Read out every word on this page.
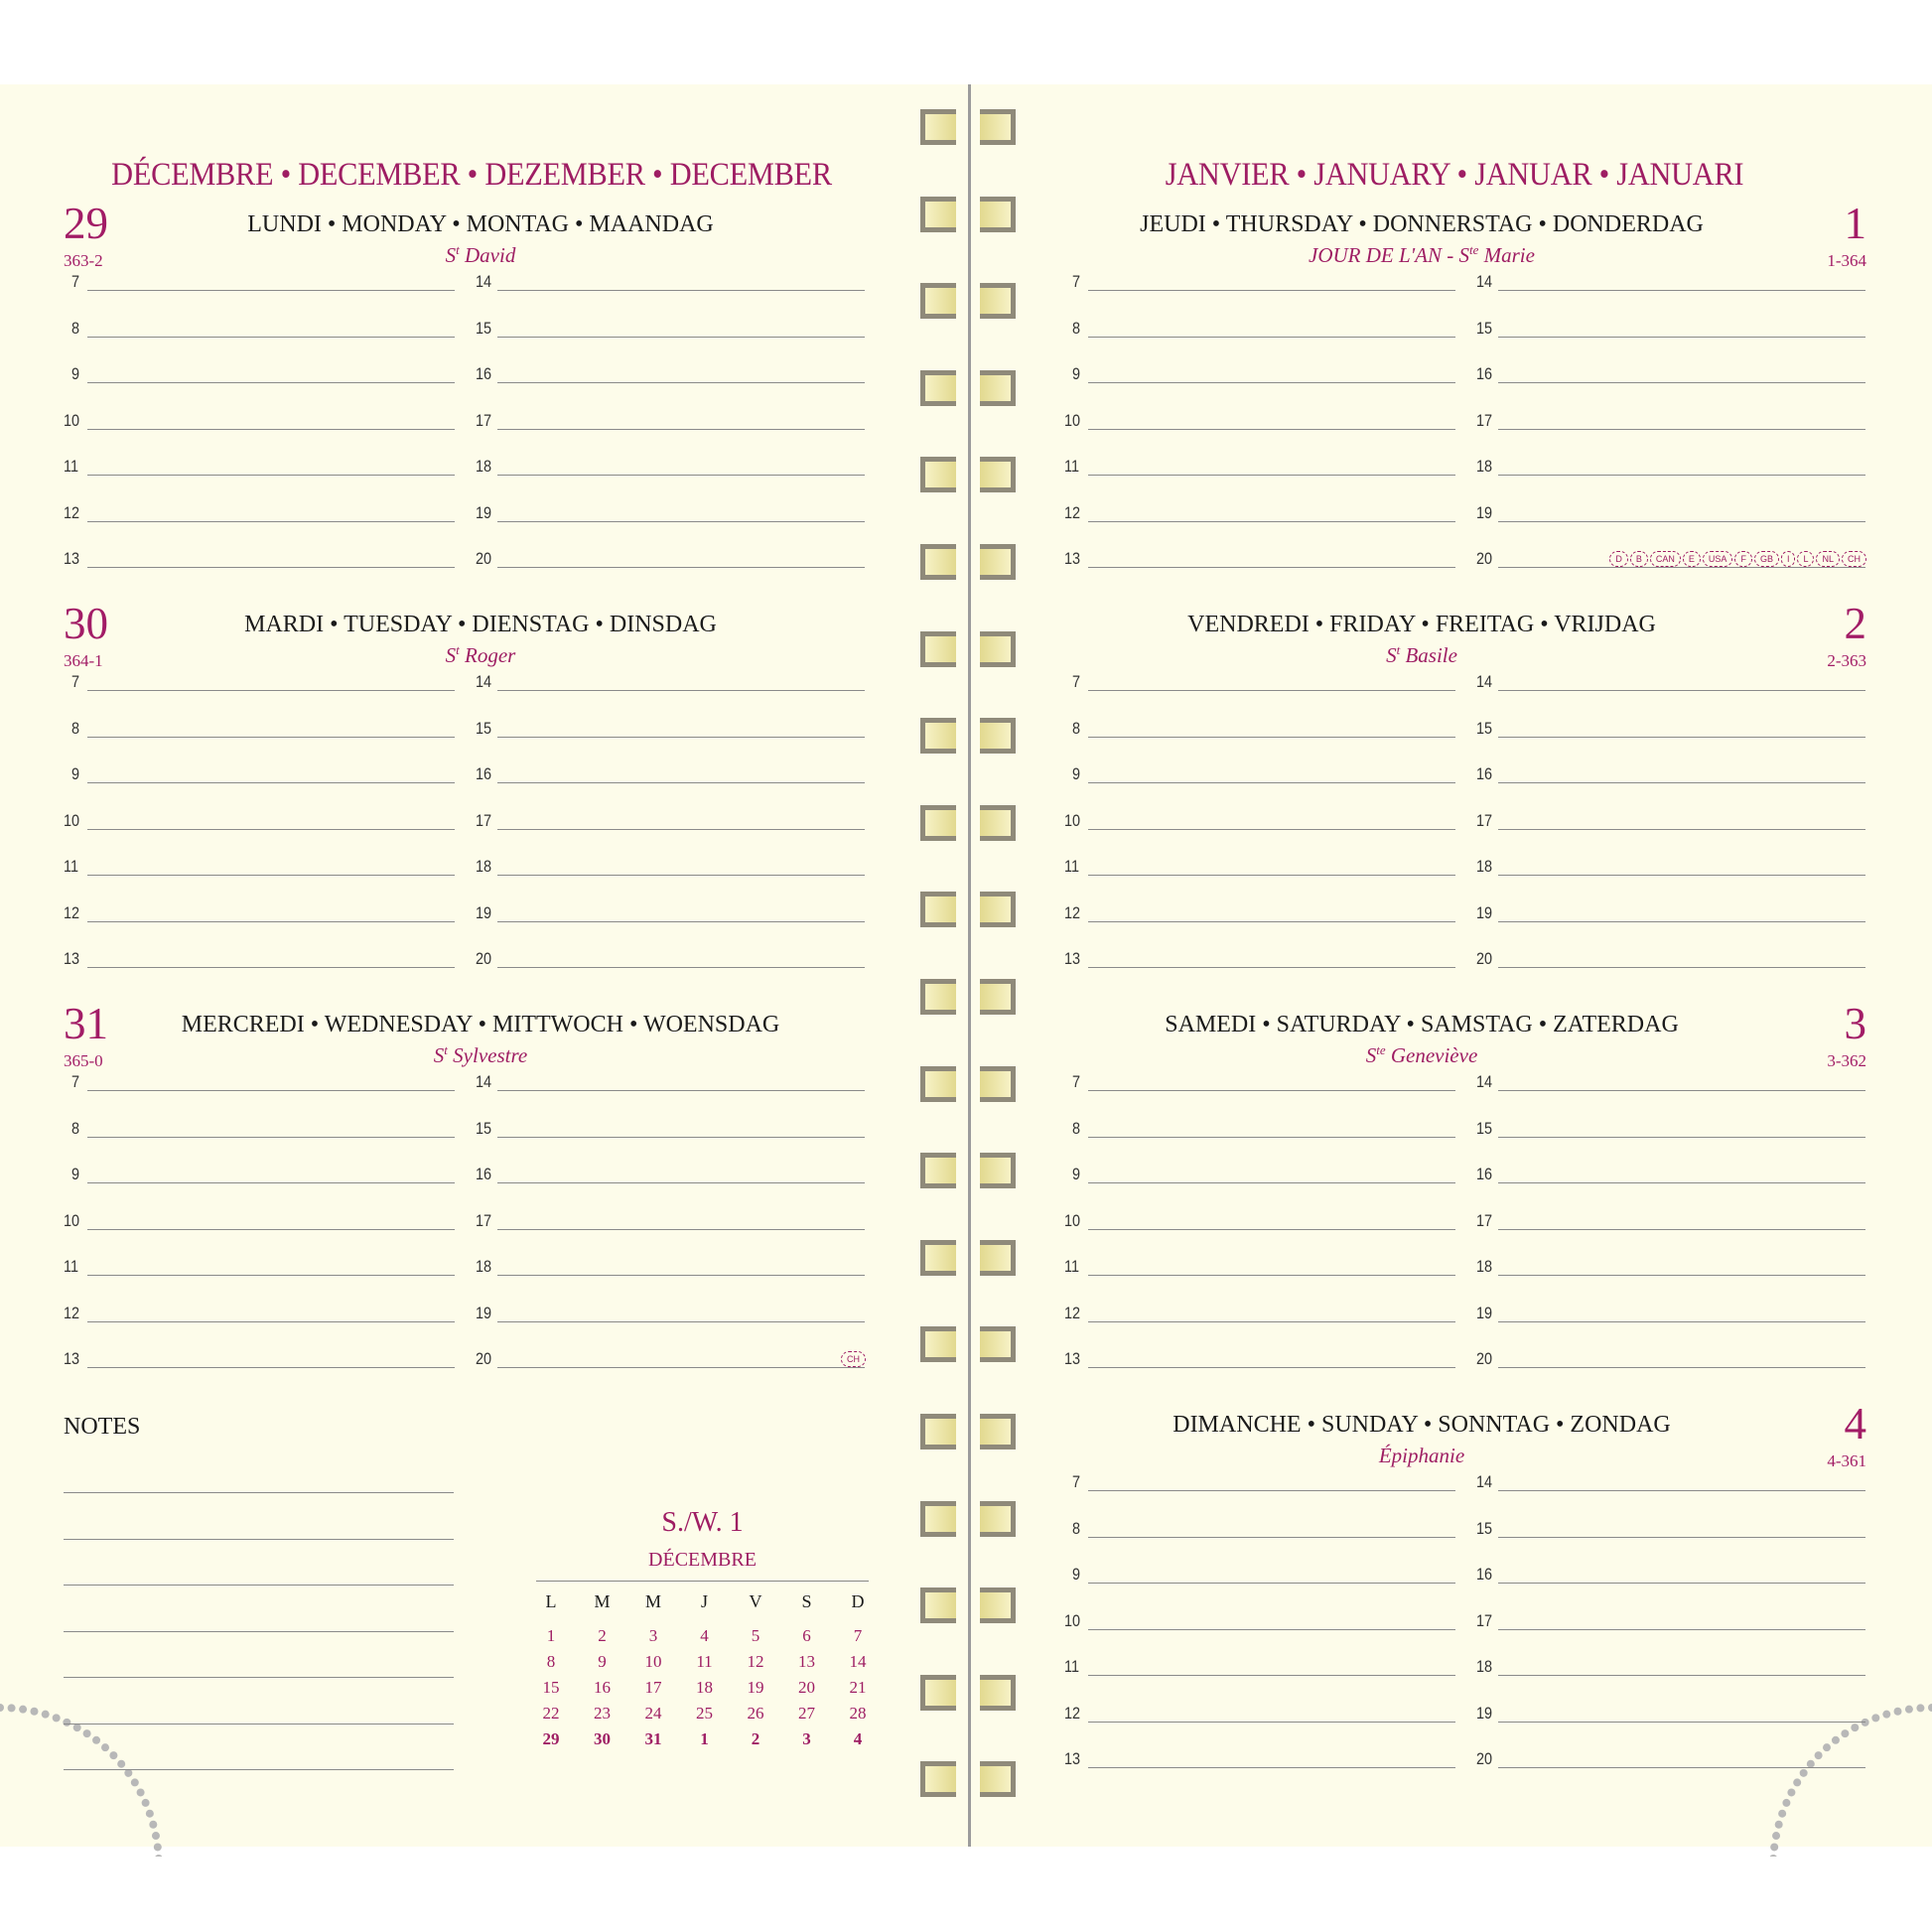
DÉCEMBRE • DECEMBER • DEZEMBER • DECEMBER
29
363-2
LUNDI • MONDAY • MONTAG • MAANDAG
$S^t$ David
7	14
8	15
9	16
10	17
11	18
12	19
13	20
30
364-1
MARDI • TUESDAY • DIENSTAG • DINSDAG
$S^t$ Roger
7	14
8	15
9	16
10	17
11	18
12	19
13	20
31
365-0
MERCREDI • WEDNESDAY • MITTWOCH • WOENSDAG
$S^t$ Sylvestre
7	14
8	15
9	16
10	17
11	18
12	19
13	20	CH
NOTES
S./W. 1
DÉCEMBRE
L	M	M	J	V	S	D
1	2	3	4	5	6	7
8	9	10	11	12	13	14
15	16	17	18	19	20	21
22	23	24	25	26	27	28
29	30	31	1	2	3	4
JANVIER • JANUARY • JANUAR • JANUARI
1
1-364
JEUDI • THURSDAY • DONNERSTAG • DONDERDAG
JOUR DE $L'AN - S^{te}$ Marie
7	14
8	15
9	16
10	17
11	18
12	19
13	20	D	B	CAN	E	USA	F	GB	I	L	NL	CH
2
2-363
VENDREDI • FRIDAY • FREITAG • VRIJDAG
$S^t$ Basile
7	14
8	15
9	16
10	17
11	18
12	19
13	20
3
3-362
SAMEDI • SATURDAY • SAMSTAG • ZATERDAG
$S^{te}$ Geneviève
7	14
8	15
9	16
10	17
11	18
12	19
13	20
4
4-361
DIMANCHE • SUNDAY • SONNTAG • ZONDAG
Épiphanie
7	14
8	15
9	16
10	17
11	18
12	19
13	20
